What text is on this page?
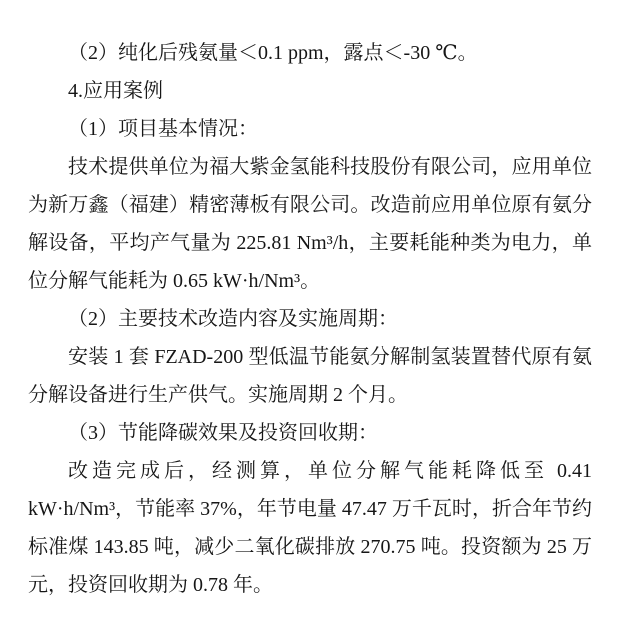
（2）纯化后残氨量＜0.1 ppm，露点＜-30 ℃。

4.应用案例

（1）项目基本情况：

技术提供单位为福大紫金氢能科技股份有限公司，应用单位为新万鑫（福建）精密薄板有限公司。改造前应用单位原有氨分解设备，平均产气量为 225.81 Nm³/h，主要耗能种类为电力，单位分解气能耗为 0.65 kW·h/Nm³。

（2）主要技术改造内容及实施周期：

安装 1 套 FZAD-200 型低温节能氨分解制氢装置替代原有氨分解设备进行生产供气。实施周期 2 个月。

（3）节能降碳效果及投资回收期：

改造完成后，经测算，单位分解气能耗降低至 0.41 kW·h/Nm³，节能率 37%，年节电量 47.47 万千瓦时，折合年节约标准煤 143.85 吨，减少二氧化碳排放 270.75 吨。投资额为 25 万元，投资回收期为 0.78 年。
